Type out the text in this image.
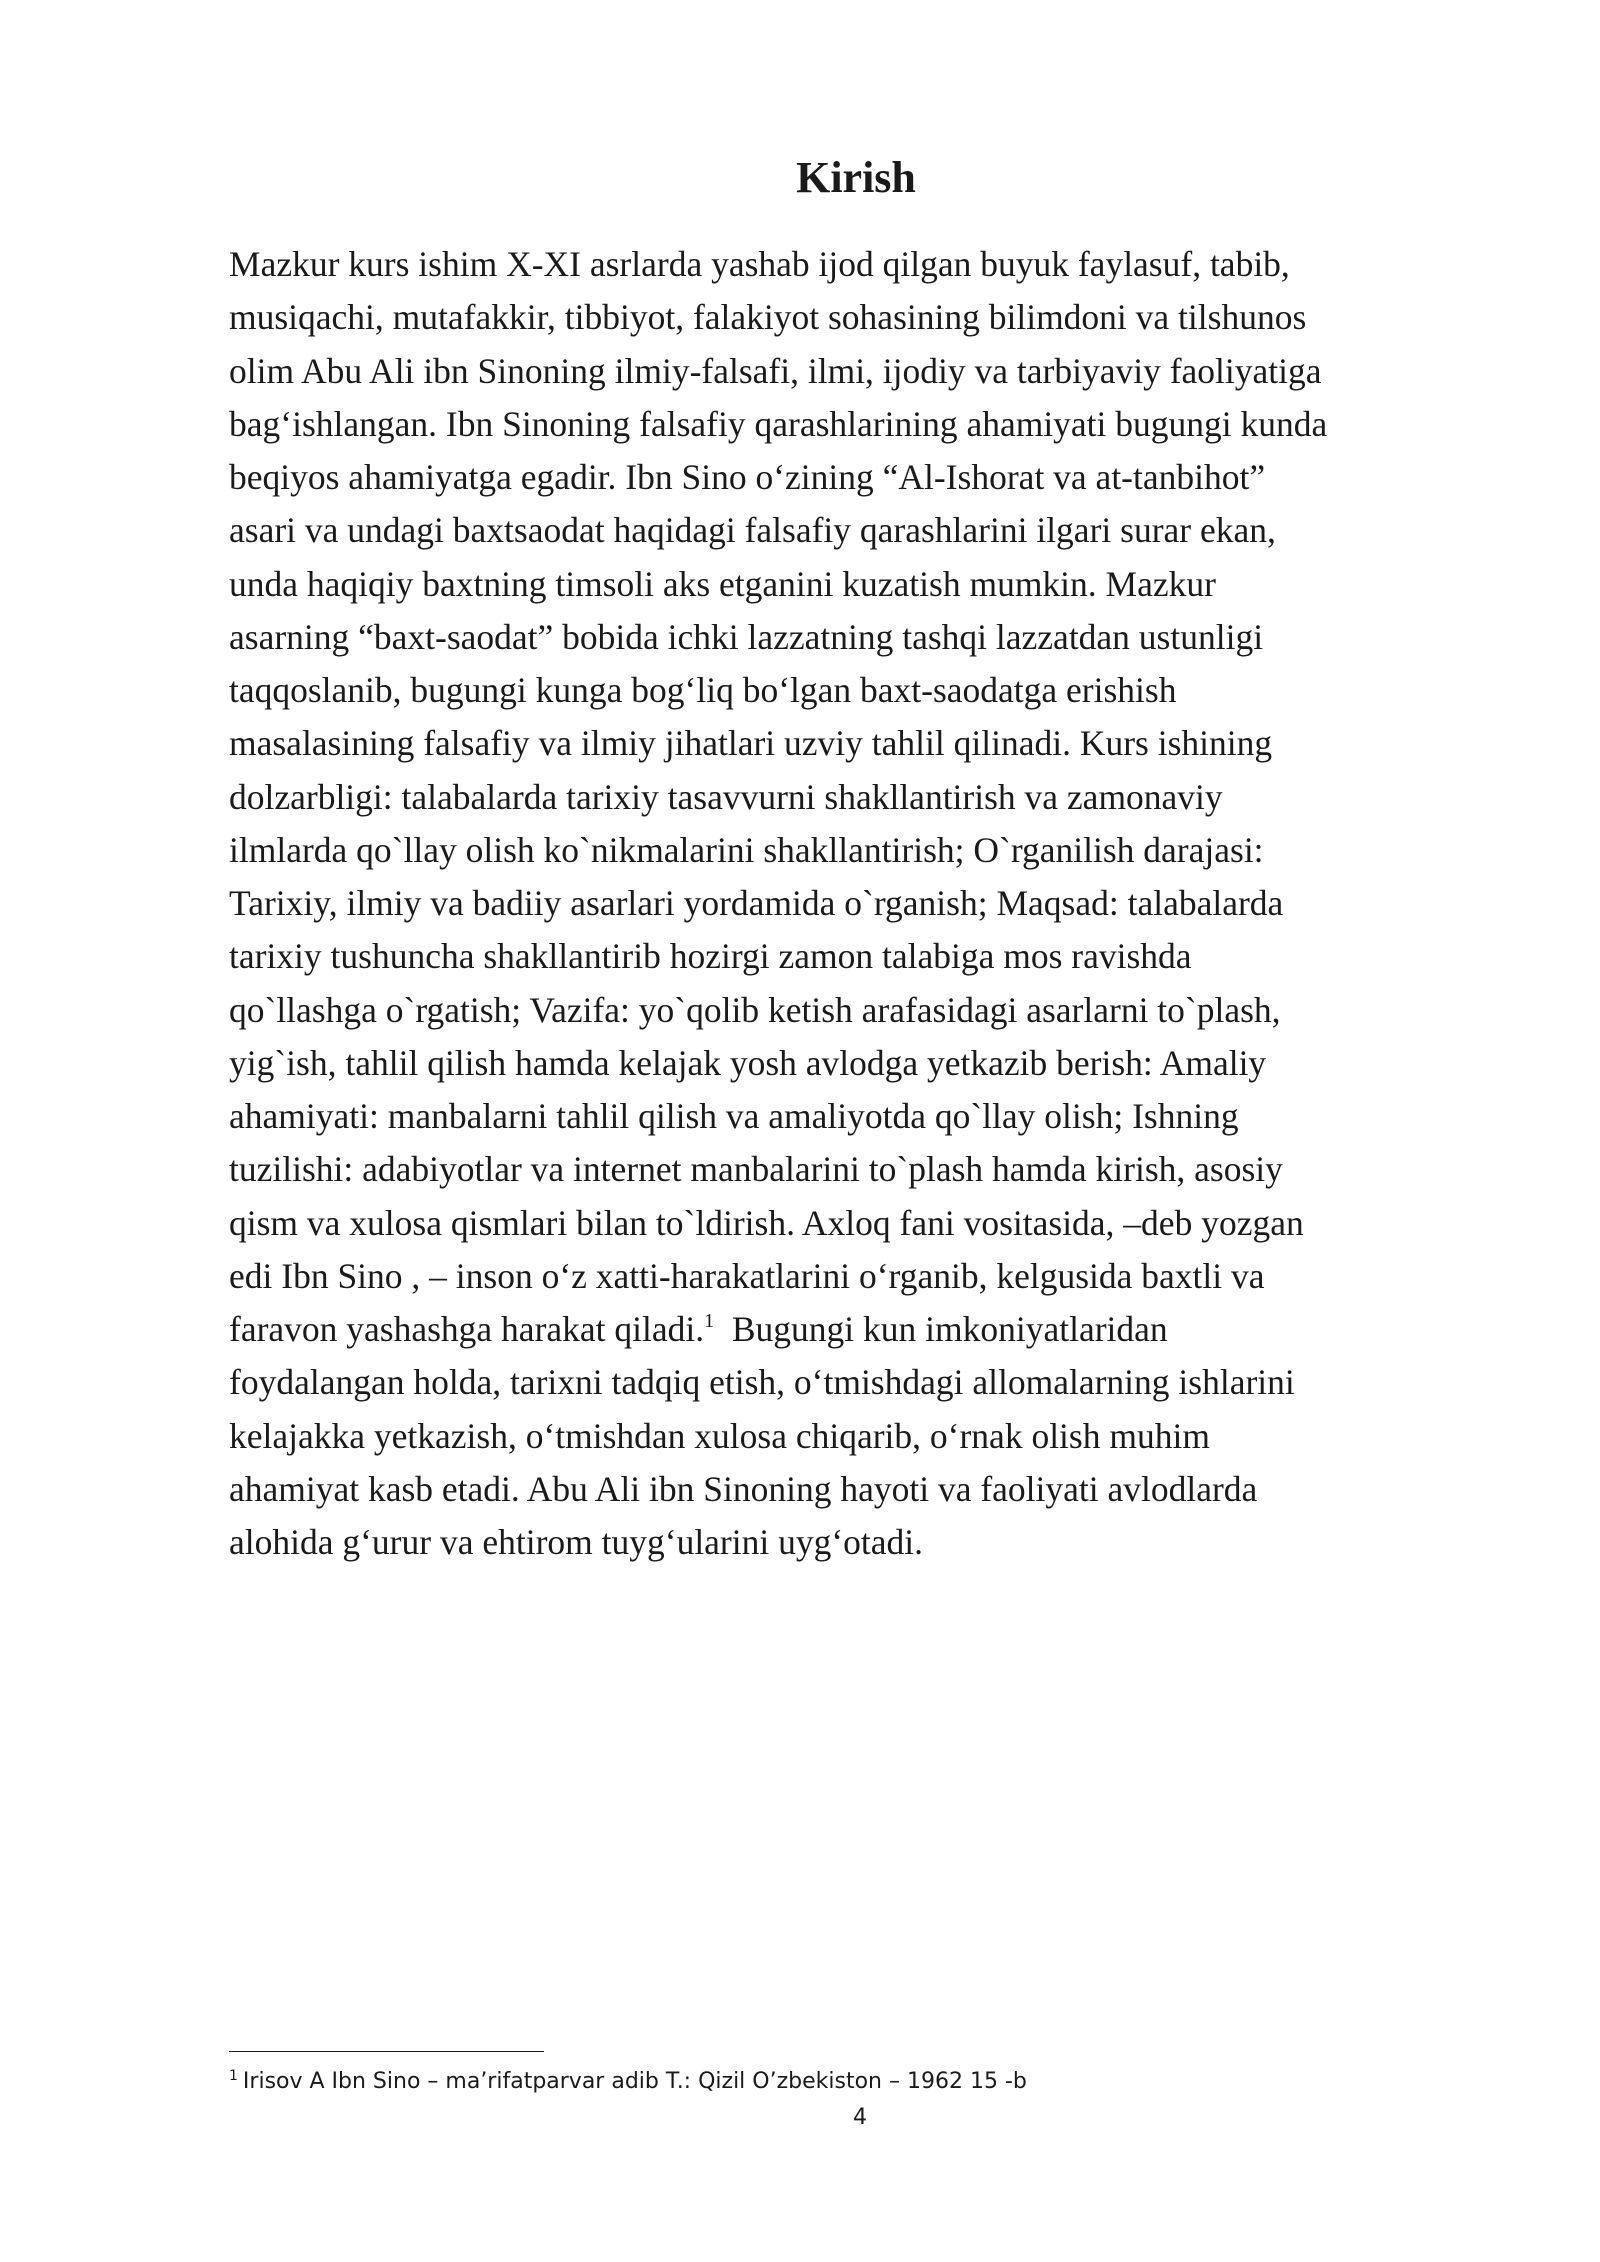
Kirish
Mazkur kurs ishim X-XI asrlarda yashab ijod qilgan buyuk faylasuf, tabib,
musiqachi, mutafakkir, tibbiyot, falakiyot sohasining bilimdoni va tilshunos
olim Abu Ali ibn Sinoning ilmiy-falsafi, ilmi, ijodiy va tarbiyaviy faoliyatiga
bag‘ishlangan. Ibn Sinoning falsafiy qarashlarining ahamiyati bugungi kunda
beqiyos ahamiyatga egadir. Ibn Sino o‘zining “Al-Ishorat va at-tanbihot”
asari va undagi baxtsaodat haqidagi falsafiy qarashlarini ilgari surar ekan,
unda haqiqiy baxtning timsoli aks etganini kuzatish mumkin. Mazkur
asarning “baxt-saodat” bobida ichki lazzatning tashqi lazzatdan ustunligi
taqqoslanib, bugungi kunga bog‘liq bo‘lgan baxt-saodatga erishish
masalasining falsafiy va ilmiy jihatlari uzviy tahlil qilinadi. Kurs ishining
dolzarbligi: talabalarda tarixiy tasavvurni shakllantirish va zamonaviy
ilmlarda qo`llay olish ko`nikmalarini shakllantirish; O`rganilish darajasi:
Tarixiy, ilmiy va badiiy asarlari yordamida o`rganish; Maqsad: talabalarda
tarixiy tushuncha shakllantirib hozirgi zamon talabiga mos ravishda
qo`llashga o`rgatish; Vazifa: yo`qolib ketish arafasidagi asarlarni to`plash,
yig`ish, tahlil qilish hamda kelajak yosh avlodga yetkazib berish: Amaliy
ahamiyati: manbalarni tahlil qilish va amaliyotda qo`llay olish; Ishning
tuzilishi: adabiyotlar va internet manbalarini to`plash hamda kirish, asosiy
qism va xulosa qismlari bilan to`ldirish. Axloq fani vositasida, –deb yozgan
edi Ibn Sino , – inson o‘z xatti-harakatlarini o‘rganib, kelgusida baxtli va
faravon yashashga harakat qiladi.$^1$  Bugungi kun imkoniyatlaridan
foydalangan holda, tarixni tadqiq etish, o‘tmishdagi allomalarning ishlarini
kelajakka yetkazish, o‘tmishdan xulosa chiqarib, o‘rnak olish muhim
ahamiyat kasb etadi. Abu Ali ibn Sinoning hayoti va faoliyati avlodlarda
alohida g‘urur va ehtirom tuyg‘ularini uyg‘otadi.

$^1$ Irisov A Ibn Sino – ma’rifatparvar adib T.: Qizil O’zbekiston – 1962 15 -b

4
